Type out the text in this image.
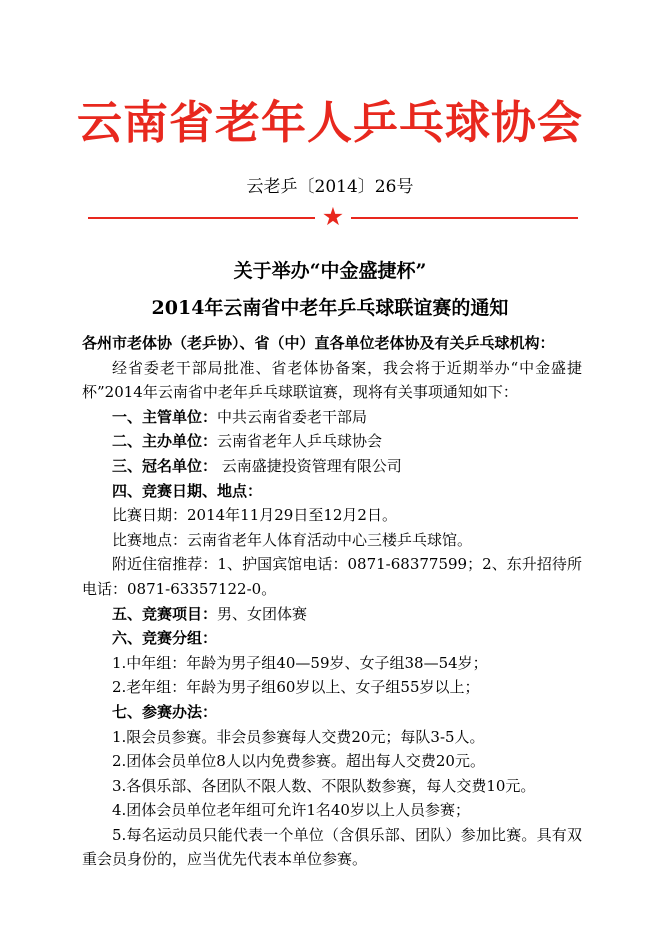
云南省老年人乒乓球协会
云老乒〔2014〕26号
★
关于举办“中金盛捷杯”
2014年云南省中老年乒乓球联谊赛的通知

各州市老体协（老乒协）、省（中）直各单位老体协及有关乒乓球机构：

经省委老干部局批准、省老体协备案，我会将于近期举办“中金盛捷杯”2014年云南省中老年乒乓球联谊赛，现将有关事项通知如下：

一、主管单位：中共云南省委老干部局

二、主办单位：云南省老年人乒乓球协会

三、冠名单位： 云南盛捷投资管理有限公司

四、竞赛日期、地点：

比赛日期：2014年11月29日至12月2日。

比赛地点：云南省老年人体育活动中心三楼乒乓球馆。

附近住宿推荐：1、护国宾馆电话：0871-68377599；2、东升招待所电话：0871-63357122-0。

五、竞赛项目：男、女团体赛

六、竞赛分组：

1.中年组：年龄为男子组40—59岁、女子组38—54岁；

2.老年组：年龄为男子组60岁以上、女子组55岁以上；

七、参赛办法：

1.限会员参赛。非会员参赛每人交费20元；每队3-5人。

2.团体会员单位8人以内免费参赛。超出每人交费20元。

3.各俱乐部、各团队不限人数、不限队数参赛，每人交费10元。

4.团体会员单位老年组可允许1名40岁以上人员参赛；

5.每名运动员只能代表一个单位（含俱乐部、团队）参加比赛。具有双重会员身份的，应当优先代表本单位参赛。
